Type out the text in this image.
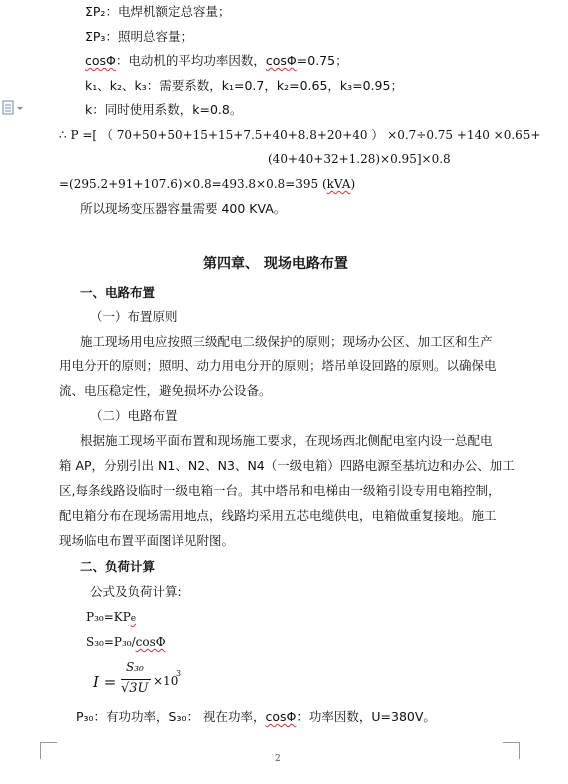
ΣP₂：电焊机额定总容量；
ΣP₃：照明总容量；
cosΦ：电动机的平均功率因数，cosΦ=0.75；
k₁、k₂、k₃：需要系数，k₁=0.7，k₂=0.65，k₃=0.95；
k：同时使用系数，k=0.8。
∴ P =[ （ 70+50+50+15+15+7.5+40+8.8+20+40 ） ×0.7÷0.75 +140 ×0.65+
(40+40+32+1.28)×0.95]×0.8
=(295.2+91+107.6)×0.8=493.8×0.8=395 (kVA)
所以现场变压器容量需要 400 KVA。
第四章、 现场电路布置
一、电路布置
（一）布置原则
施工现场用电应按照三级配电二级保护的原则；现场办公区、加工区和生产
用电分开的原则；照明、动力用电分开的原则；塔吊单设回路的原则。以确保电
流、电压稳定性，避免损坏办公设备。
（二）电路布置
根据施工现场平面布置和现场施工要求，在现场西北侧配电室内设一总配电
箱 AP，分别引出 N1、N2、N3、N4（一级电箱）四路电源至基坑边和办公、加工
区,每条线路设临时一级电箱一台。其中塔吊和电梯由一级箱引设专用电箱控制，
配电箱分布在现场需用地点，线路均采用五芯电缆供电，电箱做重复接地。施工
现场临电布置平面图详见附图。
二、负荷计算
公式及负荷计算:
P₃₀=KPe
S₃₀=P₃₀/cosΦ
I =
S₃₀
√3U ×10
3
P₃₀：有功功率，S₃₀： 视在功率，cosΦ：功率因数，U=380V。
2
